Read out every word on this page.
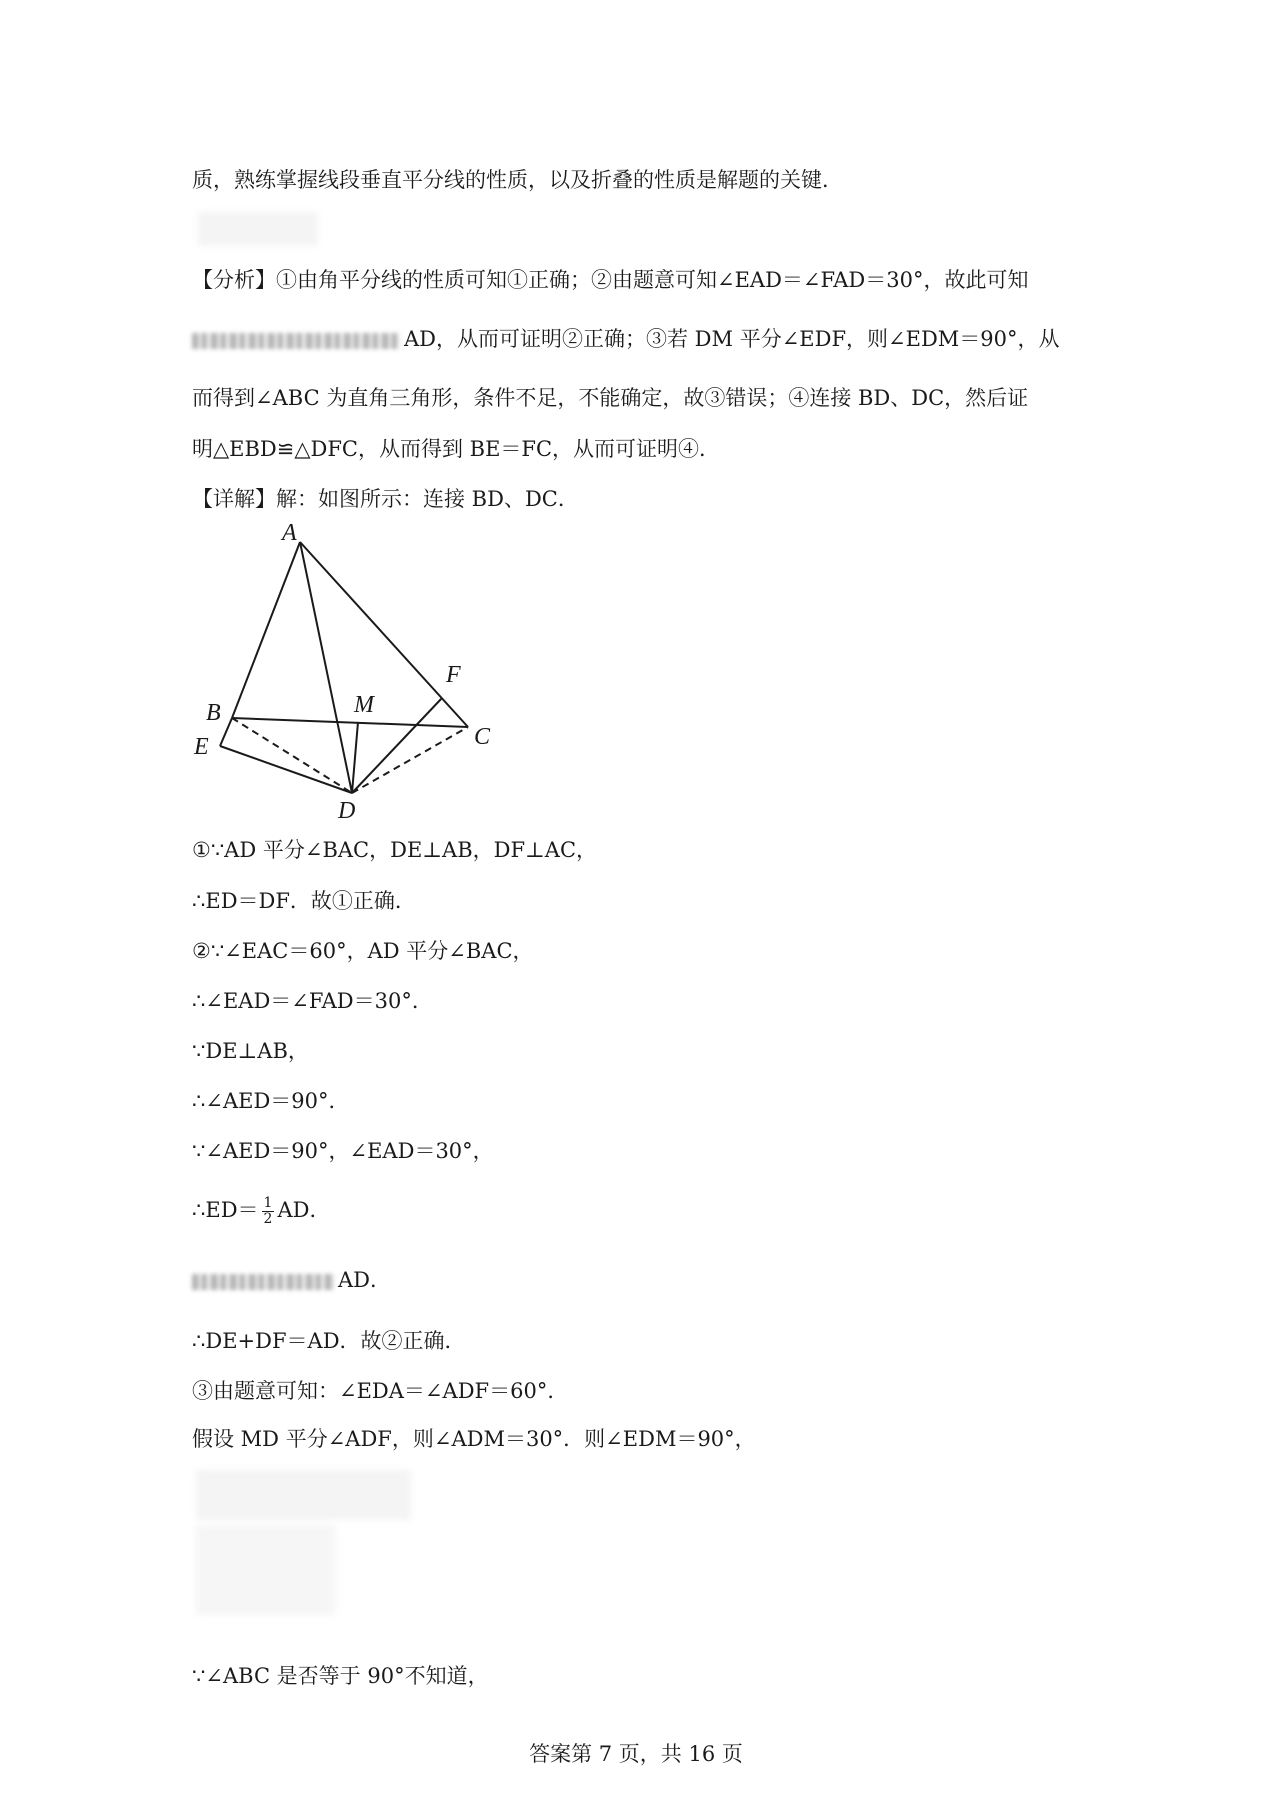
质，熟练掌握线段垂直平分线的性质，以及折叠的性质是解题的关键．
【分析】①由角平分线的性质可知①正确；②由题意可知∠EAD＝∠FAD＝30°，故此可知
AD，从而可证明②正确；③若 DM 平分∠EDF，则∠EDM＝90°，从
而得到∠ABC 为直角三角形，条件不足，不能确定，故③错误；④连接 BD、DC，然后证
明△EBD≌△DFC，从而得到 BE＝FC，从而可证明④．
【详解】解：如图所示：连接 BD、DC．
A
B
C
D
E
F
M
①∵AD 平分∠BAC，DE⊥AB，DF⊥AC，
∴ED＝DF．故①正确．
②∵∠EAC＝60°，AD 平分∠BAC，
∴∠EAD＝∠FAD＝30°．
∵DE⊥AB，
∴∠AED＝90°．
∵∠AED＝90°，∠EAD＝30°，
∴ED＝ $\frac{1}{2}$ AD．
AD．
∴DE+DF＝AD．故②正确．
③由题意可知：∠EDA＝∠ADF＝60°．
假设 MD 平分∠ADF，则∠ADM＝30°．则∠EDM＝90°，
∵∠ABC 是否等于 90°不知道，
答案第 7 页，共 16 页
